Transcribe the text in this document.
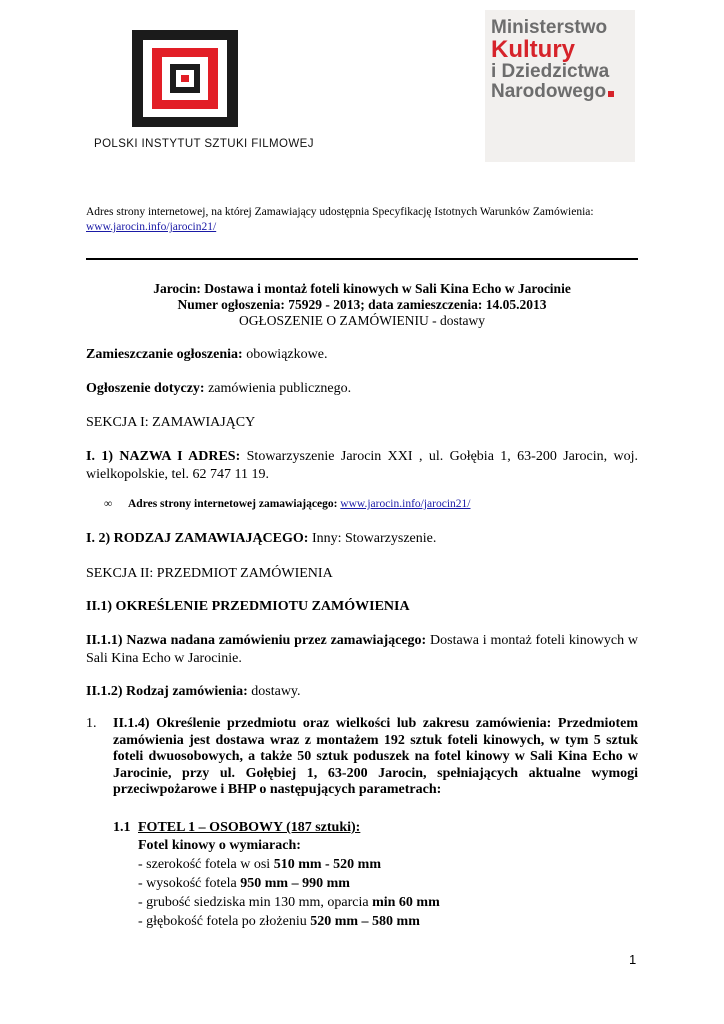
POLSKI INSTYTUT SZTUKI FILMOWEJ
Ministerstwo
Kultury
i Dziedzictwa
Narodowego
Adres strony internetowej, na której Zamawiający udostępnia Specyfikację Istotnych Warunków Zamówienia:
www.jarocin.info/jarocin21/
Jarocin: Dostawa i montaż foteli kinowych w Sali Kina Echo w Jarocinie
Numer ogłoszenia: 75929 - 2013; data zamieszczenia: 14.05.2013
OGŁOSZENIE O ZAMÓWIENIU - dostawy
Zamieszczanie ogłoszenia: obowiązkowe.
Ogłoszenie dotyczy: zamówienia publicznego.
SEKCJA I: ZAMAWIAJĄCY
I. 1) NAZWA I ADRES: Stowarzyszenie Jarocin XXI , ul. Gołębia 1, 63-200 Jarocin, woj. wielkopolskie, tel. 62 747 11 19.
∞ Adres strony internetowej zamawiającego: www.jarocin.info/jarocin21/
I. 2) RODZAJ ZAMAWIAJĄCEGO: Inny: Stowarzyszenie.
SEKCJA II: PRZEDMIOT ZAMÓWIENIA
II.1) OKREŚLENIE PRZEDMIOTU ZAMÓWIENIA
II.1.1) Nazwa nadana zamówieniu przez zamawiającego: Dostawa i montaż foteli kinowych w Sali Kina Echo w Jarocinie.
II.1.2) Rodzaj zamówienia: dostawy.
1. II.1.4) Określenie przedmiotu oraz wielkości lub zakresu zamówienia: Przedmiotem zamówienia jest dostawa wraz z montażem 192 sztuk foteli kinowych, w tym 5 sztuk foteli dwuosobowych, a także 50 sztuk poduszek na fotel kinowy w Sali Kina Echo w Jarocinie, przy ul. Gołębiej 1, 63-200 Jarocin, spełniających aktualne wymogi przeciwpożarowe i BHP o następujących parametrach:
1.1 FOTEL 1 – OSOBOWY (187 sztuki):
Fotel kinowy o wymiarach:
- szerokość fotela w osi 510 mm - 520 mm
- wysokość fotela 950 mm – 990 mm
- grubość siedziska min 130 mm, oparcia min 60 mm
- głębokość fotela po złożeniu 520 mm – 580 mm
1
